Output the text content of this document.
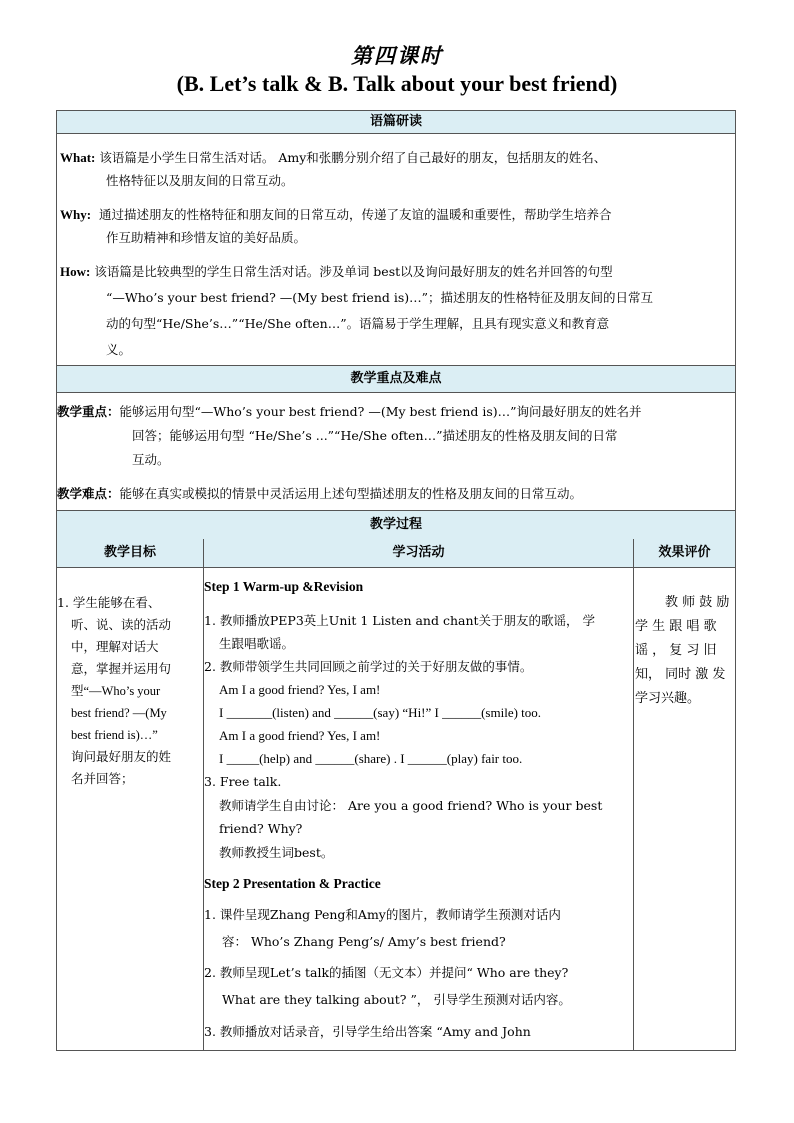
第四课时
(B. Let’s talk & B. Talk about your best friend)
语篇研读
What: 该语篇是小学生日常生活对话。 Amy和张鹏分别介绍了自己最好的朋友，包括朋友的姓名、
性格特征以及朋友间的日常互动。
Why: 通过描述朋友的性格特征和朋友间的日常互动，传递了友谊的温暖和重要性，帮助学生培养合
作互助精神和珍惜友谊的美好品质。
How: 该语篇是比较典型的学生日常生活对话。涉及单词 best以及询问最好朋友的姓名并回答的句型
“—Who’s your best friend? —(My best friend is)…”；描述朋友的性格特征及朋友间的日常互
动的句型“He/She’s…”“He/She often…”。语篇易于学生理解，且具有现实意义和教育意
义。
教学重点及难点
教学重点：能够运用句型“—Who’s your best friend? —(My best friend is)…”询问最好朋友的姓名并
回答；能够运用句型 “He/She’s ...”“He/She often…”描述朋友的性格及朋友间的日常
互动。
教学难点：能够在真实或模拟的情景中灵活运用上述句型描述朋友的性格及朋友间的日常互动。
教学过程
教学目标	学习活动	效果评价
1. 学生能够在看、
听、说、读的活动
中，理解对话大
意，掌握并运用句
型“—Who’s your
best friend? —(My
best friend is)…”
询问最好朋友的姓
名并回答；
Step 1 Warm-up &Revision
1. 教师播放PEP3英上Unit 1 Listen and chant关于朋友的歌谣， 学
生跟唱歌谣。
2. 教师带领学生共同回顾之前学过的关于好朋友做的事情。
Am I a good friend? Yes, I am!
I _______(listen) and ______(say) “Hi!” I ______(smile) too.
Am I a good friend? Yes, I am!
I _____(help) and ______(share) . I ______(play) fair too.
3. Free talk.
教师请学生自由讨论： Are you a good friend? Who is your best
friend? Why?
教师教授生词best。
Step 2 Presentation & Practice
1. 课件呈现Zhang Peng和Amy的图片，教师请学生预测对话内
容： Who’s Zhang Peng’s/ Amy’s best friend?
2. 教师呈现Let’s talk的插图（无文本）并提问“ Who are they?
What are they talking about? ”， 引导学生预测对话内容。
3. 教师播放对话录音，引导学生给出答案 “Amy and John
教 师 鼓 励
学 生 跟 唱 歌
谣 ， 复 习 旧
知， 同时 激 发
学习兴趣。
